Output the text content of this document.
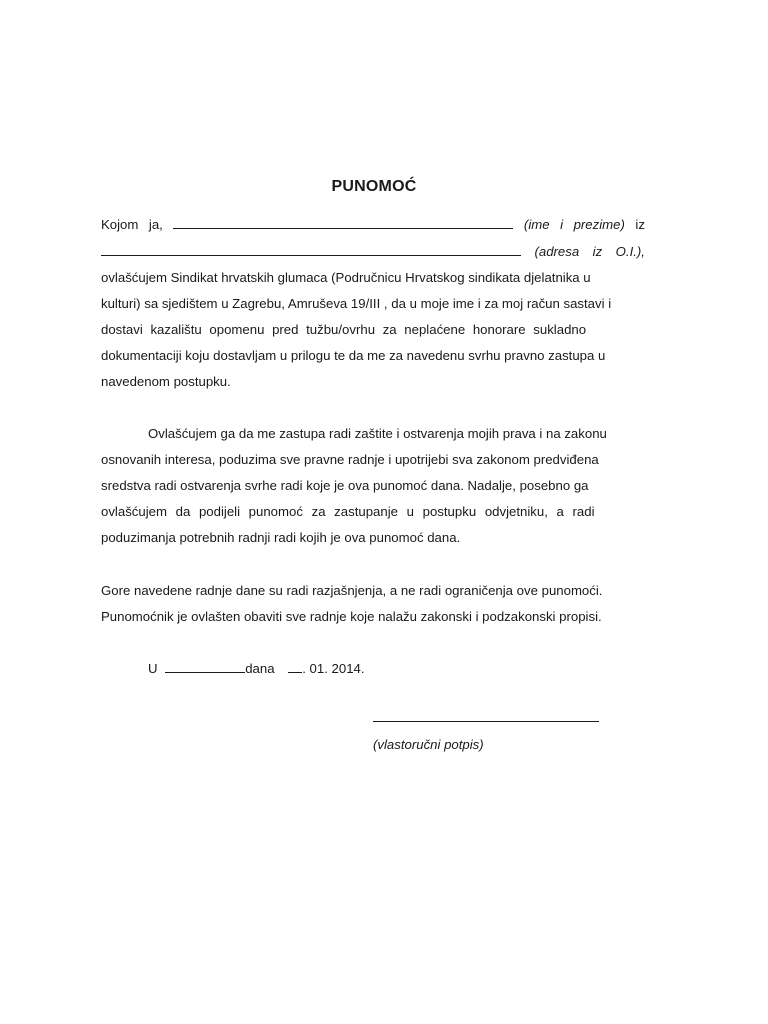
PUNOMOĆ
Kojom ja,	(ime i prezime) iz
(adresa iz O.I.),
ovlašćujem Sindikat hrvatskih glumaca (Područnicu Hrvatskog sindikata djelatnika u
kulturi) sa sjedištem u Zagrebu, Amruševa 19/III , da u moje ime i za moj račun sastavi i
dostavi kazalištu opomenu pred tužbu/ovrhu za neplaćene honorare sukladno
dokumentaciji koju dostavljam u prilogu te da me za navedenu svrhu pravno zastupa u
navedenom postupku.
Ovlašćujem ga da me zastupa radi zaštite i ostvarenja mojih prava i na zakonu
osnovanih interesa, poduzima sve pravne radnje i upotrijebi sva zakonom predviđena
sredstva radi ostvarenja svrhe radi koje je ova punomoć dana. Nadalje, posebno ga
ovlašćujem da podijeli punomoć za zastupanje u postupku odvjetniku, a radi
poduzimanja potrebnih radnji radi kojih je ova punomoć dana.
Gore navedene radnje dane su radi razjašnjenja, a ne radi ograničenja ove punomoći.
Punomoćnik je ovlašten obaviti sve radnje koje nalažu zakonski i podzakonski propisi.
U	dana . 01. 2014.
(vlastoručni potpis)
